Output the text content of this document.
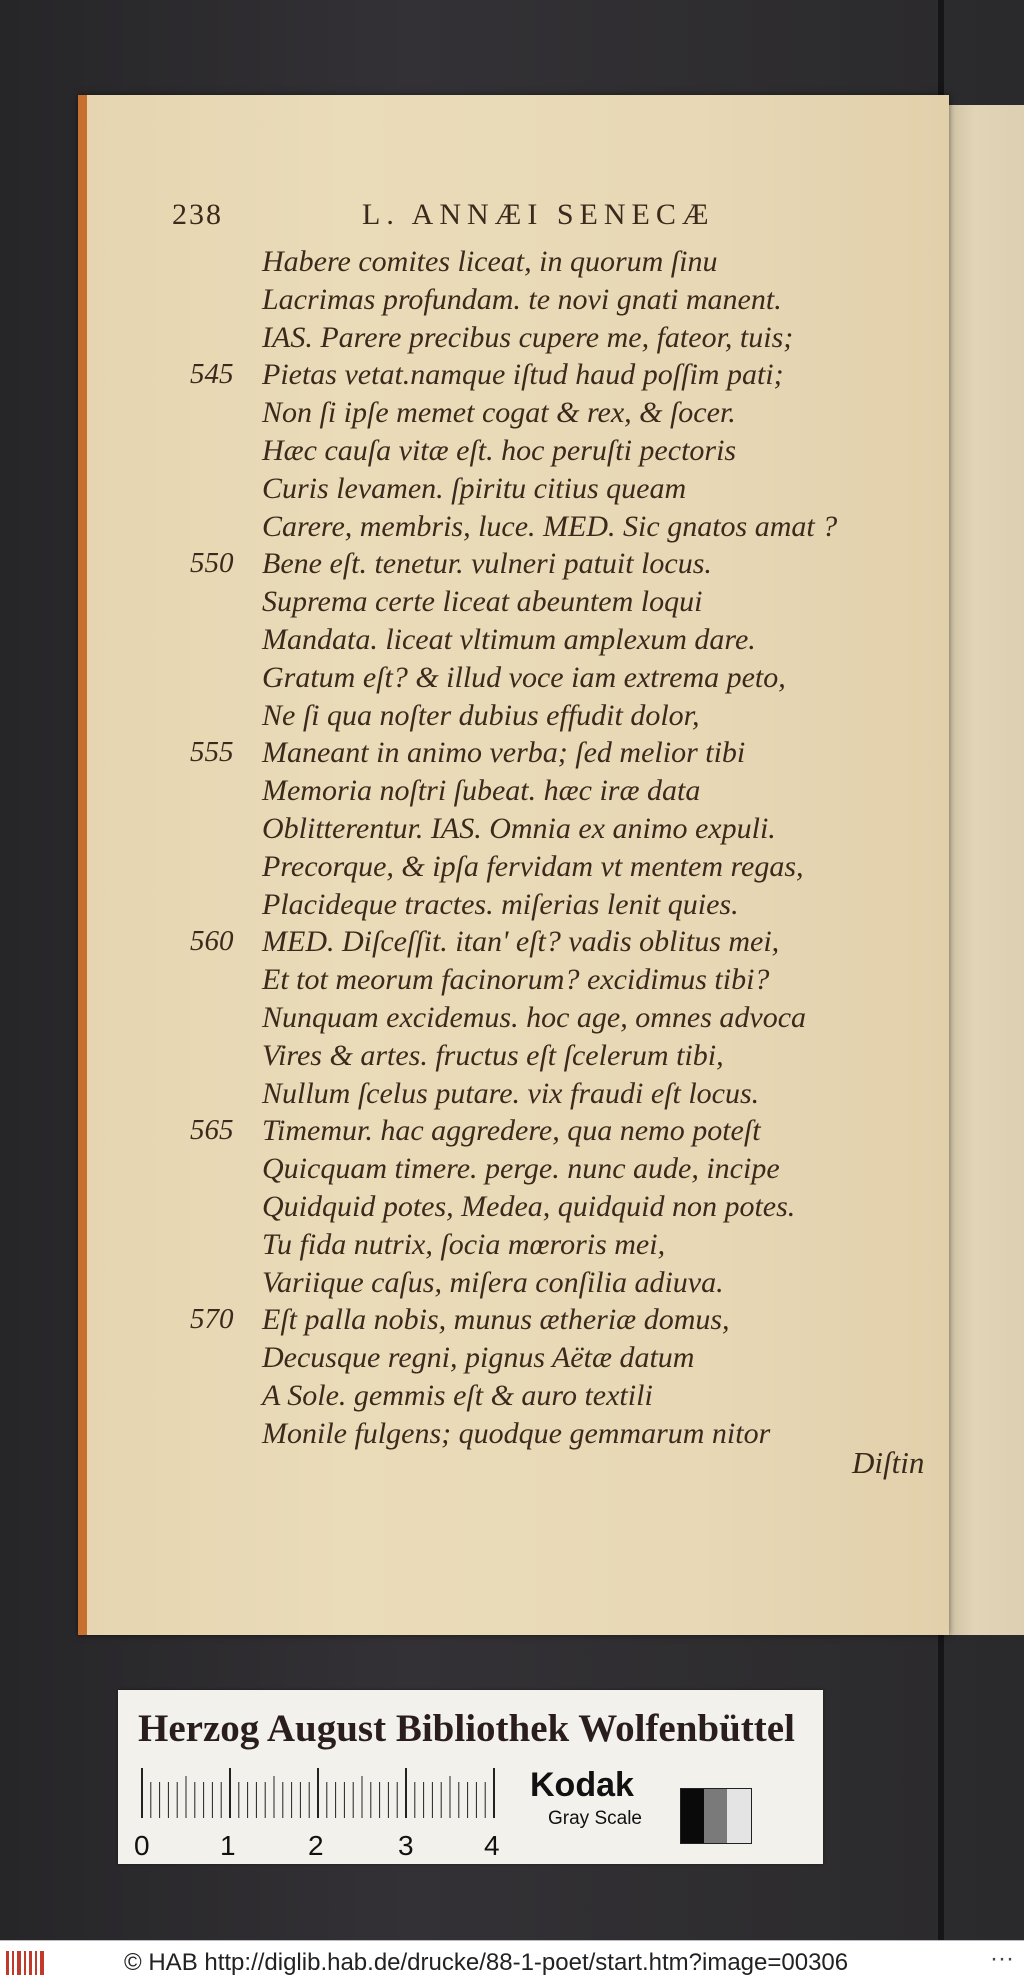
238	L. ANNÆI SENECÆ
Habere comites liceat, in quorum ſinu
Lacrimas profundam. te novi gnati manent.
IAS. Parere precibus cupere me, fateor, tuis;
545 Pietas vetat.namque iſtud haud poſſim pati;
Non ſi ipſe memet cogat & rex, & ſocer.
Hæc cauſa vitæ eſt. hoc peruſti pectoris
Curis levamen. ſpiritu citius queam
Carere, membris, luce. MED. Sic gnatos amat ?
550 Bene eſt. tenetur. vulneri patuit locus.
Suprema certe liceat abeuntem loqui
Mandata. liceat vltimum amplexum dare.
Gratum eſt? & illud voce iam extrema peto,
Ne ſi qua noſter dubius effudit dolor,
555 Maneant in animo verba; ſed melior tibi
Memoria noſtri ſubeat. hæc iræ data
Oblitterentur. IAS. Omnia ex animo expuli.
Precorque, & ipſa fervidam vt mentem regas,
Placideque tractes. miſerias lenit quies.
560 MED. Diſceſſit. itan' eſt? vadis oblitus mei,
Et tot meorum facinorum? excidimus tibi?
Nunquam excidemus. hoc age, omnes advoca
Vires & artes. fructus eſt ſcelerum tibi,
Nullum ſcelus putare. vix fraudi eſt locus.
565 Timemur. hac aggredere, qua nemo poteſt
Quicquam timere. perge. nunc aude, incipe
Quidquid potes, Medea, quidquid non potes.
Tu fida nutrix, ſocia mœroris mei,
Variique caſus, miſera conſilia adiuva.
570 Eſt palla nobis, munus ætheriæ domus,
Decusque regni, pignus Aëtæ datum
A Sole. gemmis eſt & auro textili
Monile fulgens; quodque gemmarum nitor
Diſtin
Herzog August Bibliothek Wolfenbüttel
0	1	2	3	4
Kodak
Gray Scale
© HAB http://diglib.hab.de/drucke/88-1-poet/start.htm?image=00306	···
